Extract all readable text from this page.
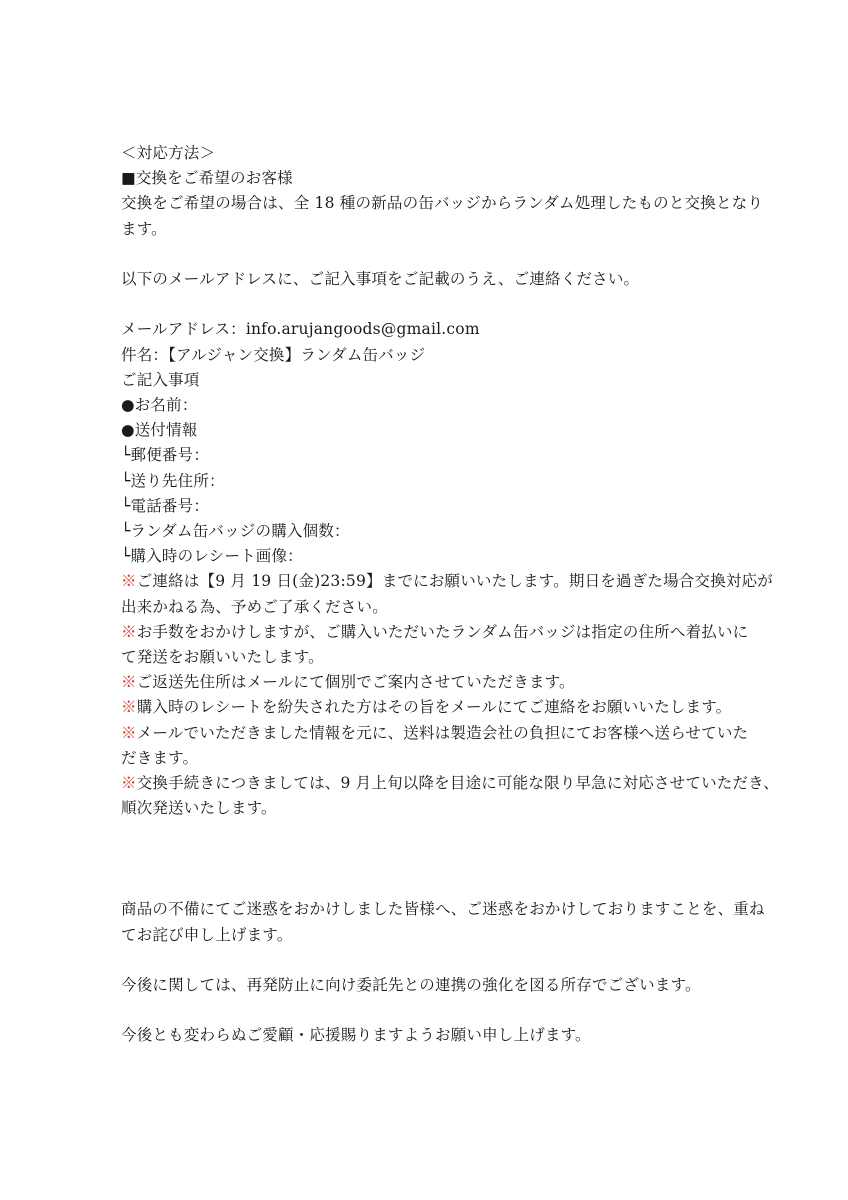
＜対応方法＞
■交換をご希望のお客様
交換をご希望の場合は、全 18 種の新品の缶バッジからランダム処理したものと交換となり
ます。
以下のメールアドレスに、ご記入事項をご記載のうえ、ご連絡ください。
メールアドレス：info.arujangoods@gmail.com
件名：【アルジャン交換】ランダム缶バッジ
ご記入事項
●お名前：
●送付情報
└郵便番号：
└送り先住所：
└電話番号：
└ランダム缶バッジの購入個数：
└購入時のレシート画像：
※ご連絡は【9 月 19 日(金)23:59】までにお願いいたします。期日を過ぎた場合交換対応が
出来かねる為、予めご了承ください。
※お手数をおかけしますが、ご購入いただいたランダム缶バッジは指定の住所へ着払いに
て発送をお願いいたします。
※ご返送先住所はメールにて個別でご案内させていただきます。
※購入時のレシートを紛失された方はその旨をメールにてご連絡をお願いいたします。
※メールでいただきました情報を元に、送料は製造会社の負担にてお客様へ送らせていた
だきます。
※交換手続きにつきましては、9 月上旬以降を目途に可能な限り早急に対応させていただき、
順次発送いたします。
商品の不備にてご迷惑をおかけしました皆様へ、ご迷惑をおかけしておりますことを、重ね
てお詫び申し上げます。
今後に関しては、再発防止に向け委託先との連携の強化を図る所存でございます。
今後とも変わらぬご愛顧・応援賜りますようお願い申し上げます。
